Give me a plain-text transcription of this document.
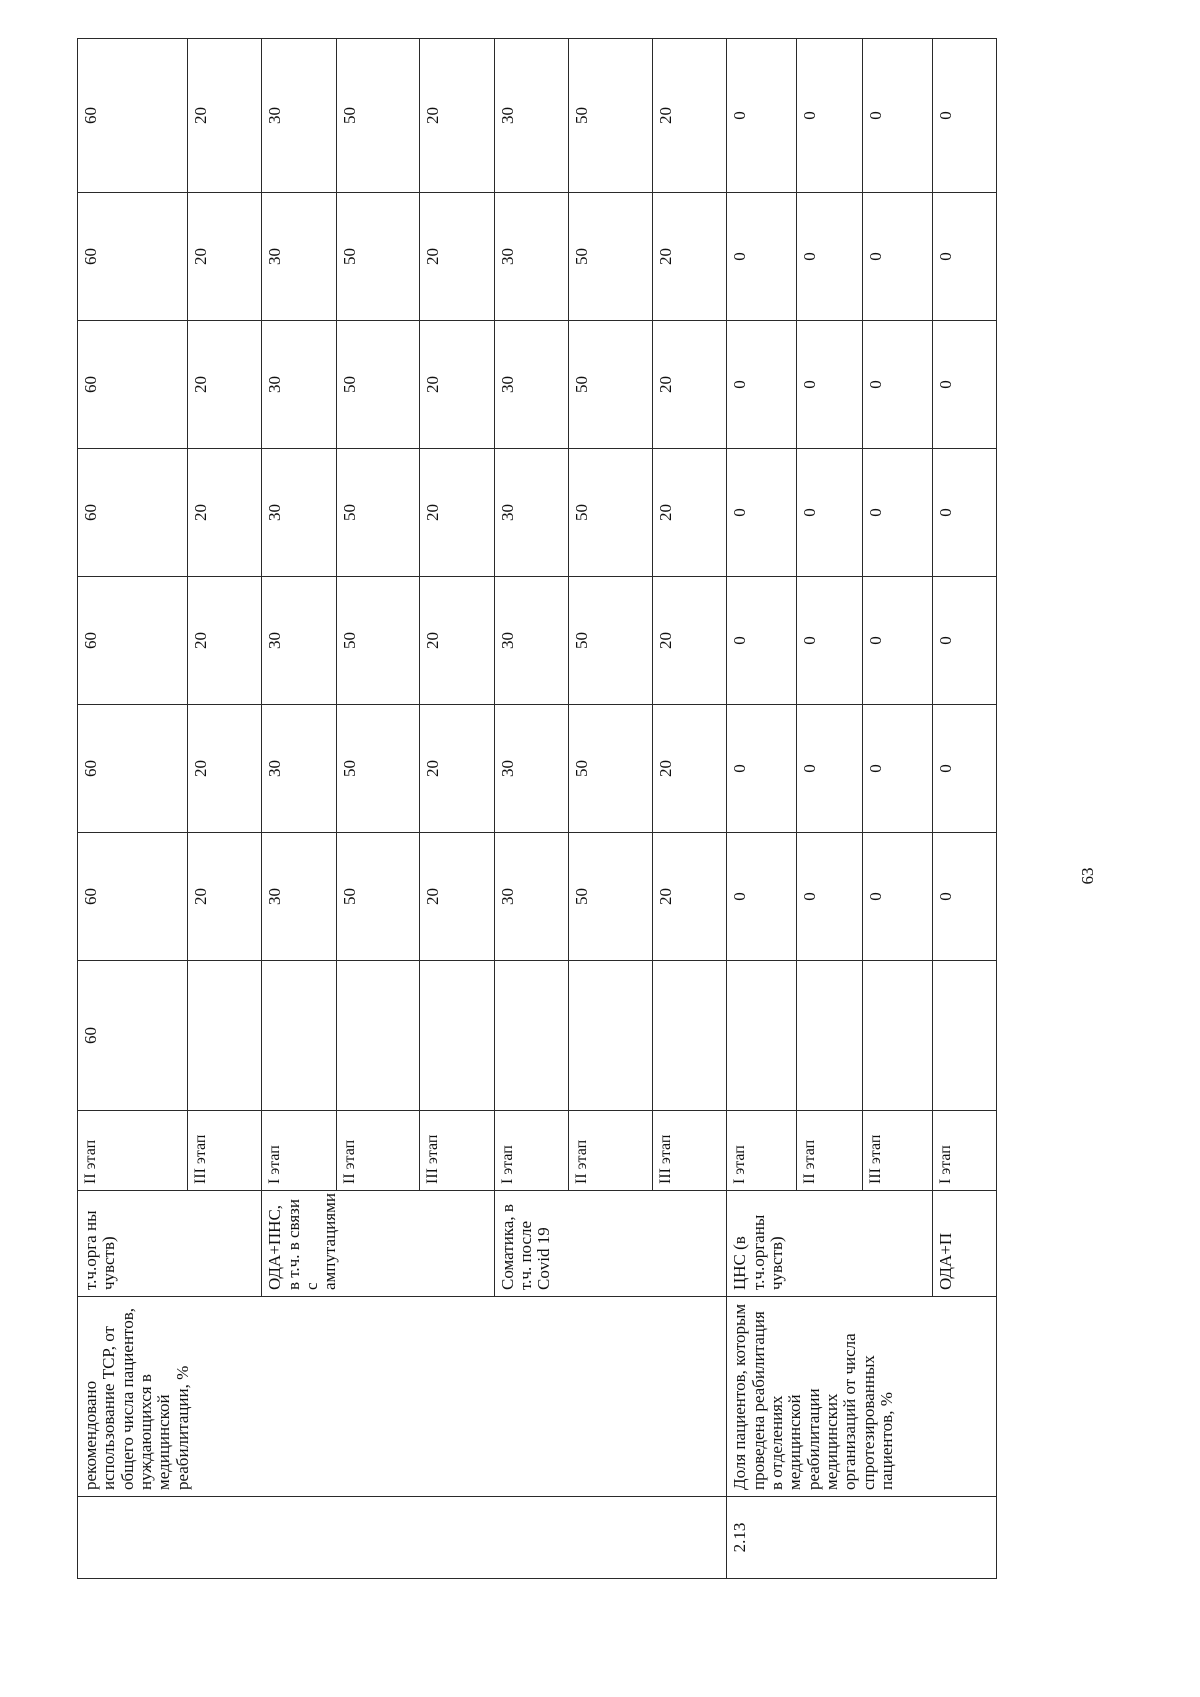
	рекомендовано использование ТСР, от общего числа пациентов, нуждающихся в медицинской реабилитации, %	т.ч.орга ны чувств)	II этап	60	60	60	60	60	60	60	60
			III этап		20	20	20	20	20	20	20
		ОДА+ПНС, в т.ч. в связи с ампутациями	I этап		30	30	30	30	30	30	30
			II этап		50	50	50	50	50	50	50
			III этап		20	20	20	20	20	20	20
		Соматика, в т.ч. после Covid 19	I этап		30	30	30	30	30	30	30
			II этап		50	50	50	50	50	50	50
			III этап		20	20	20	20	20	20	20
2.13	Доля пациентов, которым проведена реабилитация в отделениях медицинской реабилитации медицинских организаций от числа спротезированных пациентов, %	ЦНС (в т.ч.органы чувств)	I этап		0	0	0	0	0	0	0
			II этап		0	0	0	0	0	0	0
			III этап		0	0	0	0	0	0	0
		ОДА+П	I этап		0	0	0	0	0	0	0
63
